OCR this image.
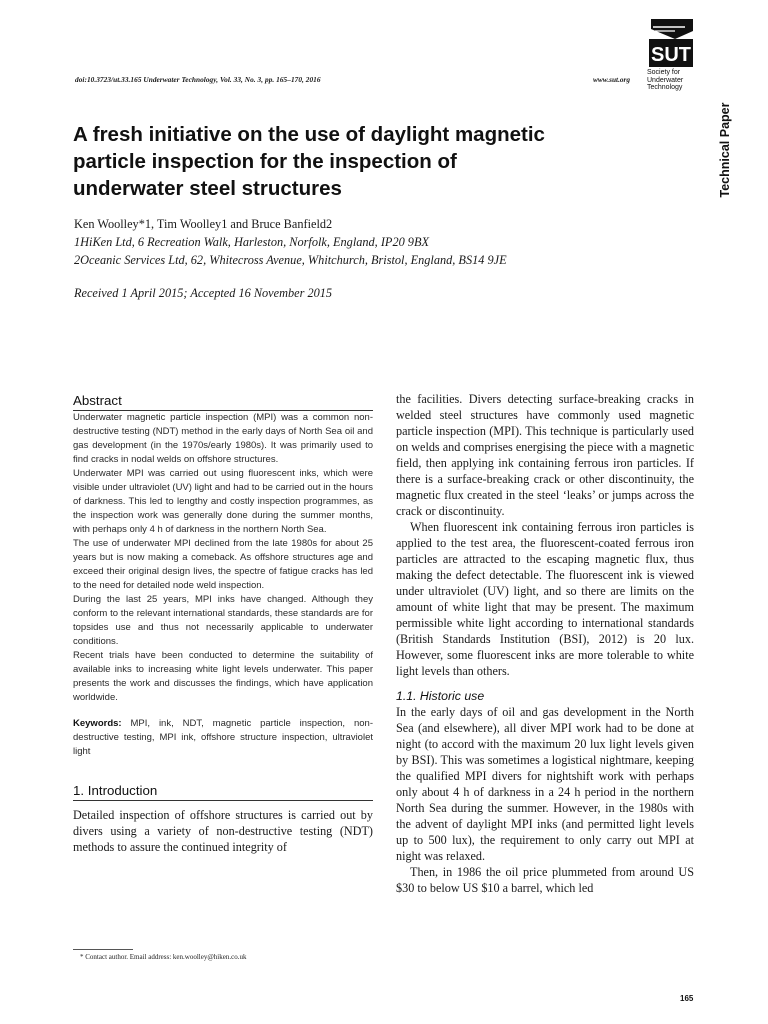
doi:10.3723/ut.33.165 Underwater Technology, Vol. 33, No. 3, pp. 165–170, 2016	www.sut.org
SUT
Society for
Underwater
Technology
Technical Paper
A fresh initiative on the use of daylight magnetic
particle inspection for the inspection of
underwater steel structures
Ken Woolley*1, Tim Woolley1 and Bruce Banfield2
1HiKen Ltd, 6 Recreation Walk, Harleston, Norfolk, England, IP20 9BX
2Oceanic Services Ltd, 62, Whitecross Avenue, Whitchurch, Bristol, England, BS14 9JE
Received 1 April 2015; Accepted 16 November 2015
Abstract

Underwater magnetic particle inspection (MPI) was a common non-destructive testing (NDT) method in the early days of North Sea oil and gas development (in the 1970s/early 1980s). It was primarily used to find cracks in nodal welds on offshore structures.

Underwater MPI was carried out using fluorescent inks, which were visible under ultraviolet (UV) light and had to be carried out in the hours of darkness. This led to lengthy and costly inspection programmes, as the inspection work was generally done during the summer months, with perhaps only 4 h of darkness in the northern North Sea.

The use of underwater MPI declined from the late 1980s for about 25 years but is now making a comeback. As offshore structures age and exceed their original design lives, the spectre of fatigue cracks has led to the need for detailed node weld inspection.

During the last 25 years, MPI inks have changed. Although they conform to the relevant international standards, these standards are for topsides use and thus not necessarily applicable to underwater conditions.

Recent trials have been conducted to determine the suitability of available inks to increasing white light levels underwater. This paper presents the work and discusses the findings, which have application worldwide.

Keywords: MPI, ink, NDT, magnetic particle inspection, non-destructive testing, MPI ink, offshore structure inspection, ultraviolet light

1. Introduction

Detailed inspection of offshore structures is carried out by divers using a variety of non-destructive testing (NDT) methods to assure the continued integrity of

the facilities. Divers detecting surface-breaking cracks in welded steel structures have commonly used magnetic particle inspection (MPI). This technique is particularly used on welds and comprises energising the piece with a magnetic field, then applying ink containing ferrous iron particles. If there is a surface-breaking crack or other discontinuity, the magnetic flux created in the steel ‘leaks’ or jumps across the crack or discontinuity.

When fluorescent ink containing ferrous iron particles is applied to the test area, the fluorescent-coated ferrous iron particles are attracted to the escaping magnetic flux, thus making the defect detectable. The fluorescent ink is viewed under ultraviolet (UV) light, and so there are limits on the amount of white light that may be present. The maximum permissible white light according to international standards (British Standards Institution (BSI), 2012) is 20 lux. However, some fluorescent inks are more tolerable to white light levels than others.

1.1. Historic use

In the early days of oil and gas development in the North Sea (and elsewhere), all diver MPI work had to be done at night (to accord with the maximum 20 lux light levels given by BSI). This was sometimes a logistical nightmare, keeping the qualified MPI divers for nightshift work with perhaps only about 4 h of darkness in a 24 h period in the northern North Sea during the summer. However, in the 1980s with the advent of daylight MPI inks (and permitted light levels up to 500 lux), the requirement to only carry out MPI at night was relaxed.

Then, in 1986 the oil price plummeted from around US $30 to below US $10 a barrel, which led

* Contact author. Email address: ken.woolley@hiken.co.uk
165
